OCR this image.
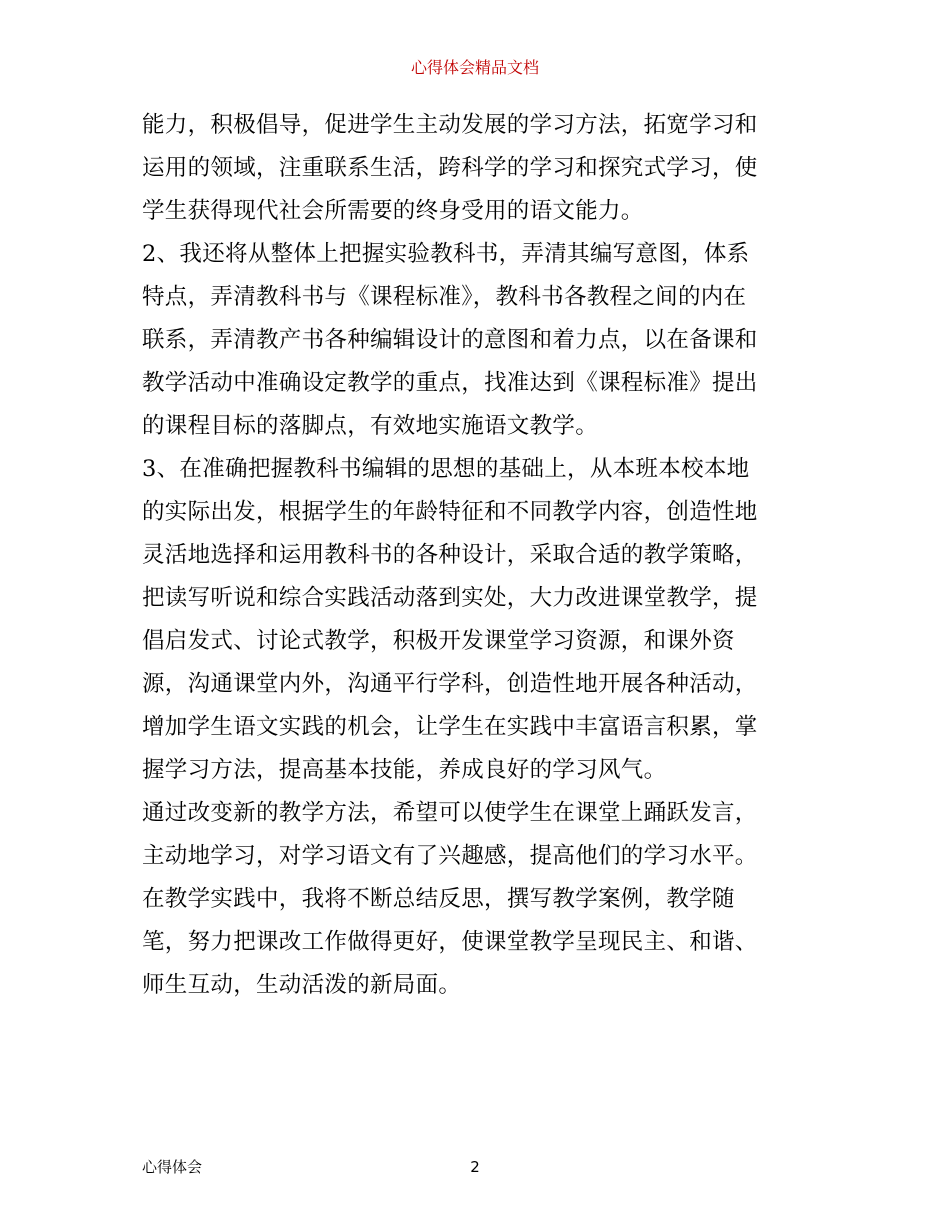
心得体会精品文档
能力，积极倡导，促进学生主动发展的学习方法，拓宽学习和
运用的领域，注重联系生活，跨科学的学习和探究式学习，使
学生获得现代社会所需要的终身受用的语文能力。
2、我还将从整体上把握实验教科书，弄清其编写意图，体系
特点，弄清教科书与《课程标准》，教科书各教程之间的内在
联系，弄清教产书各种编辑设计的意图和着力点，以在备课和
教学活动中准确设定教学的重点，找准达到《课程标准》提出
的课程目标的落脚点，有效地实施语文教学。
3、在准确把握教科书编辑的思想的基础上，从本班本校本地
的实际出发，根据学生的年龄特征和不同教学内容，创造性地
灵活地选择和运用教科书的各种设计，采取合适的教学策略，
把读写听说和综合实践活动落到实处，大力改进课堂教学，提
倡启发式、讨论式教学，积极开发课堂学习资源，和课外资
源，沟通课堂内外，沟通平行学科，创造性地开展各种活动，
增加学生语文实践的机会，让学生在实践中丰富语言积累，掌
握学习方法，提高基本技能，养成良好的学习风气。
通过改变新的教学方法，希望可以使学生在课堂上踊跃发言，
主动地学习，对学习语文有了兴趣感，提高他们的学习水平。
在教学实践中，我将不断总结反思，撰写教学案例，教学随
笔，努力把课改工作做得更好，使课堂教学呈现民主、和谐、
师生互动，生动活泼的新局面。
心得体会	2
